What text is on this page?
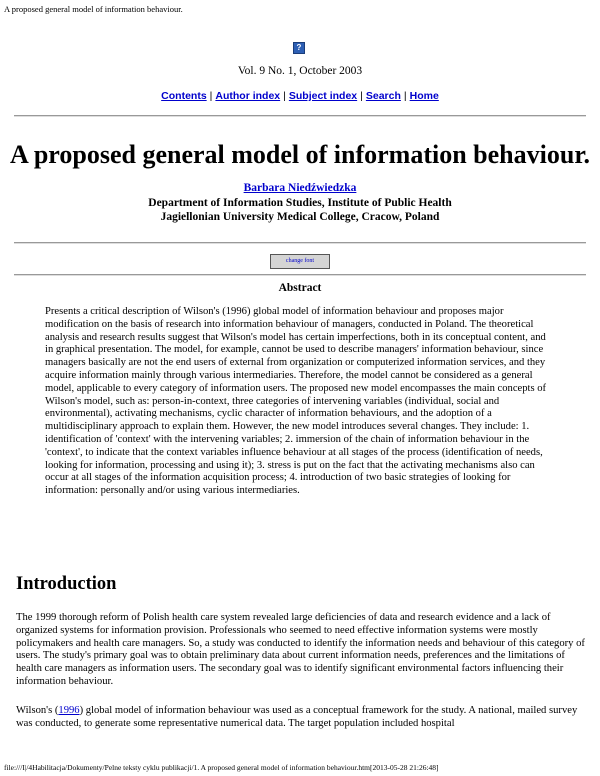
A proposed general model of information behaviour.
?
Vol. 9 No. 1, October 2003
Contents | Author index | Subject index | Search | Home
A proposed general model of information behaviour.
Barbara Niedźwiedzka
Department of Information Studies, Institute of Public Health
Jagiellonian University Medical College, Cracow, Poland
change font
Abstract

Presents a critical description of Wilson's (1996) global model of information behaviour and proposes major modification on the basis of research into information behaviour of managers, conducted in Poland. The theoretical analysis and research results suggest that Wilson's model has certain imperfections, both in its conceptual content, and in graphical presentation. The model, for example, cannot be used to describe managers' information behaviour, since managers basically are not the end users of external from organization or computerized information services, and they acquire information mainly through various intermediaries. Therefore, the model cannot be considered as a general model, applicable to every category of information users. The proposed new model encompasses the main concepts of Wilson's model, such as: person-in-context, three categories of intervening variables (individual, social and environmental), activating mechanisms, cyclic character of information behaviours, and the adoption of a multidisciplinary approach to explain them. However, the new model introduces several changes. They include: 1. identification of 'context' with the intervening variables; 2. immersion of the chain of information behaviour in the 'context', to indicate that the context variables influence behaviour at all stages of the process (identification of needs, looking for information, processing and using it); 3. stress is put on the fact that the activating mechanisms also can occur at all stages of the information acquisition process; 4. introduction of two basic strategies of looking for information: personally and/or using various intermediaries.

Introduction

The 1999 thorough reform of Polish health care system revealed large deficiencies of data and research evidence and a lack of organized systems for information provision. Professionals who seemed to need effective information systems were mostly policymakers and health care managers. So, a study was conducted to identify the information needs and behaviour of this category of users. The study's primary goal was to obtain preliminary data about current information needs, preferences and the limitations of health care managers as information users. The secondary goal was to identify significant environmental factors influencing their information behaviour.

Wilson's (1996) global model of information behaviour was used as a conceptual framework for the study. A national, mailed survey was conducted, to generate some representative numerical data. The target population included hospital

file:///I|/4Habilitacja/Dokumenty/Pelne teksty cyklu publikacji/1. A proposed general model of information behaviour.htm[2013-05-28 21:26:48]
